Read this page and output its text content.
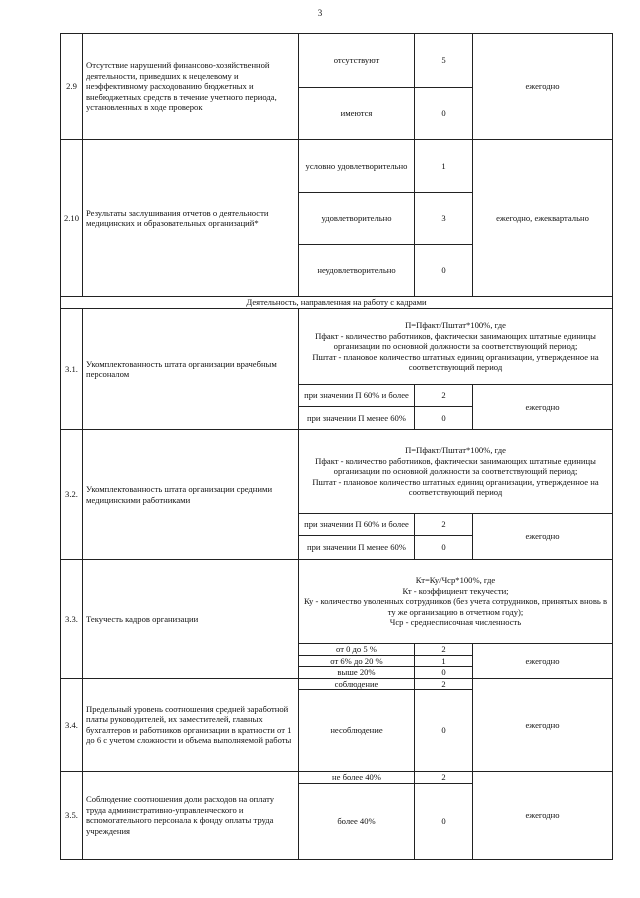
3
2.9	Отсутствие нарушений финансово-хозяйственной деятельности, приведших к нецелевому и неэффективному расходованию бюджетных и внебюджетных средств в течение учетного периода, установленных в ходе проверок	отсутствуют	5	ежегодно
		имеются	0	
2.10	Результаты заслушивания отчетов о деятельности медицинских и образовательных организаций*	условно удовлетворительно	1	ежегодно, ежеквартально
		удовлетворительно	3	
		неудовлетворительно	0	
Деятельность, направленная на работу с кадрами				
3.1.	Укомплектованность штата организации врачебным персоналом	П=Пфакт/Пштат*100%, где
Пфакт - количество работников, фактически занимающих штатные единицы организации по основной должности за соответствующий период;
Пштат - плановое количество штатных единиц организации, утвержденное на соответствующий период		

		при значении П 60% и более	2	ежегодно
		при значении П менее 60%	0	
3.2.	Укомплектованность штата организации средними медицинскими работниками	П=Пфакт/Пштат*100%, где
Пфакт - количество работников, фактически занимающих штатные единицы организации по основной должности за соответствующий период;
Пштат - плановое количество штатных единиц организации, утвержденное на соответствующий период		

		при значении П 60% и более	2	ежегодно
		при значении П менее 60%	0	
3.3.	Текучесть кадров организации	Кт=Ку/Чср*100%, где
Кт - коэффициент текучести;
Ку - количество уволенных сотрудников (без учета сотрудников, принятых вновь в ту же организацию в отчетном году);
Чср - среднесписочная численность		

		от 0 до 5 %	2	ежегодно
		от 6% до 20 %	1	
		выше 20%	0	
3.4.	Предельный уровень соотношения средней заработной платы руководителей, их заместителей, главных бухгалтеров и работников организации в кратности от 1 до 6 с учетом сложности и объема выполняемой работы	соблюдение	2	ежегодно
		несоблюдение	0	
3.5.	Соблюдение соотношения доли расходов на оплату труда административно-управленческого и вспомогательного персонала к фонду оплаты труда учреждения	не более 40%	2	ежегодно
		более 40%	0	
